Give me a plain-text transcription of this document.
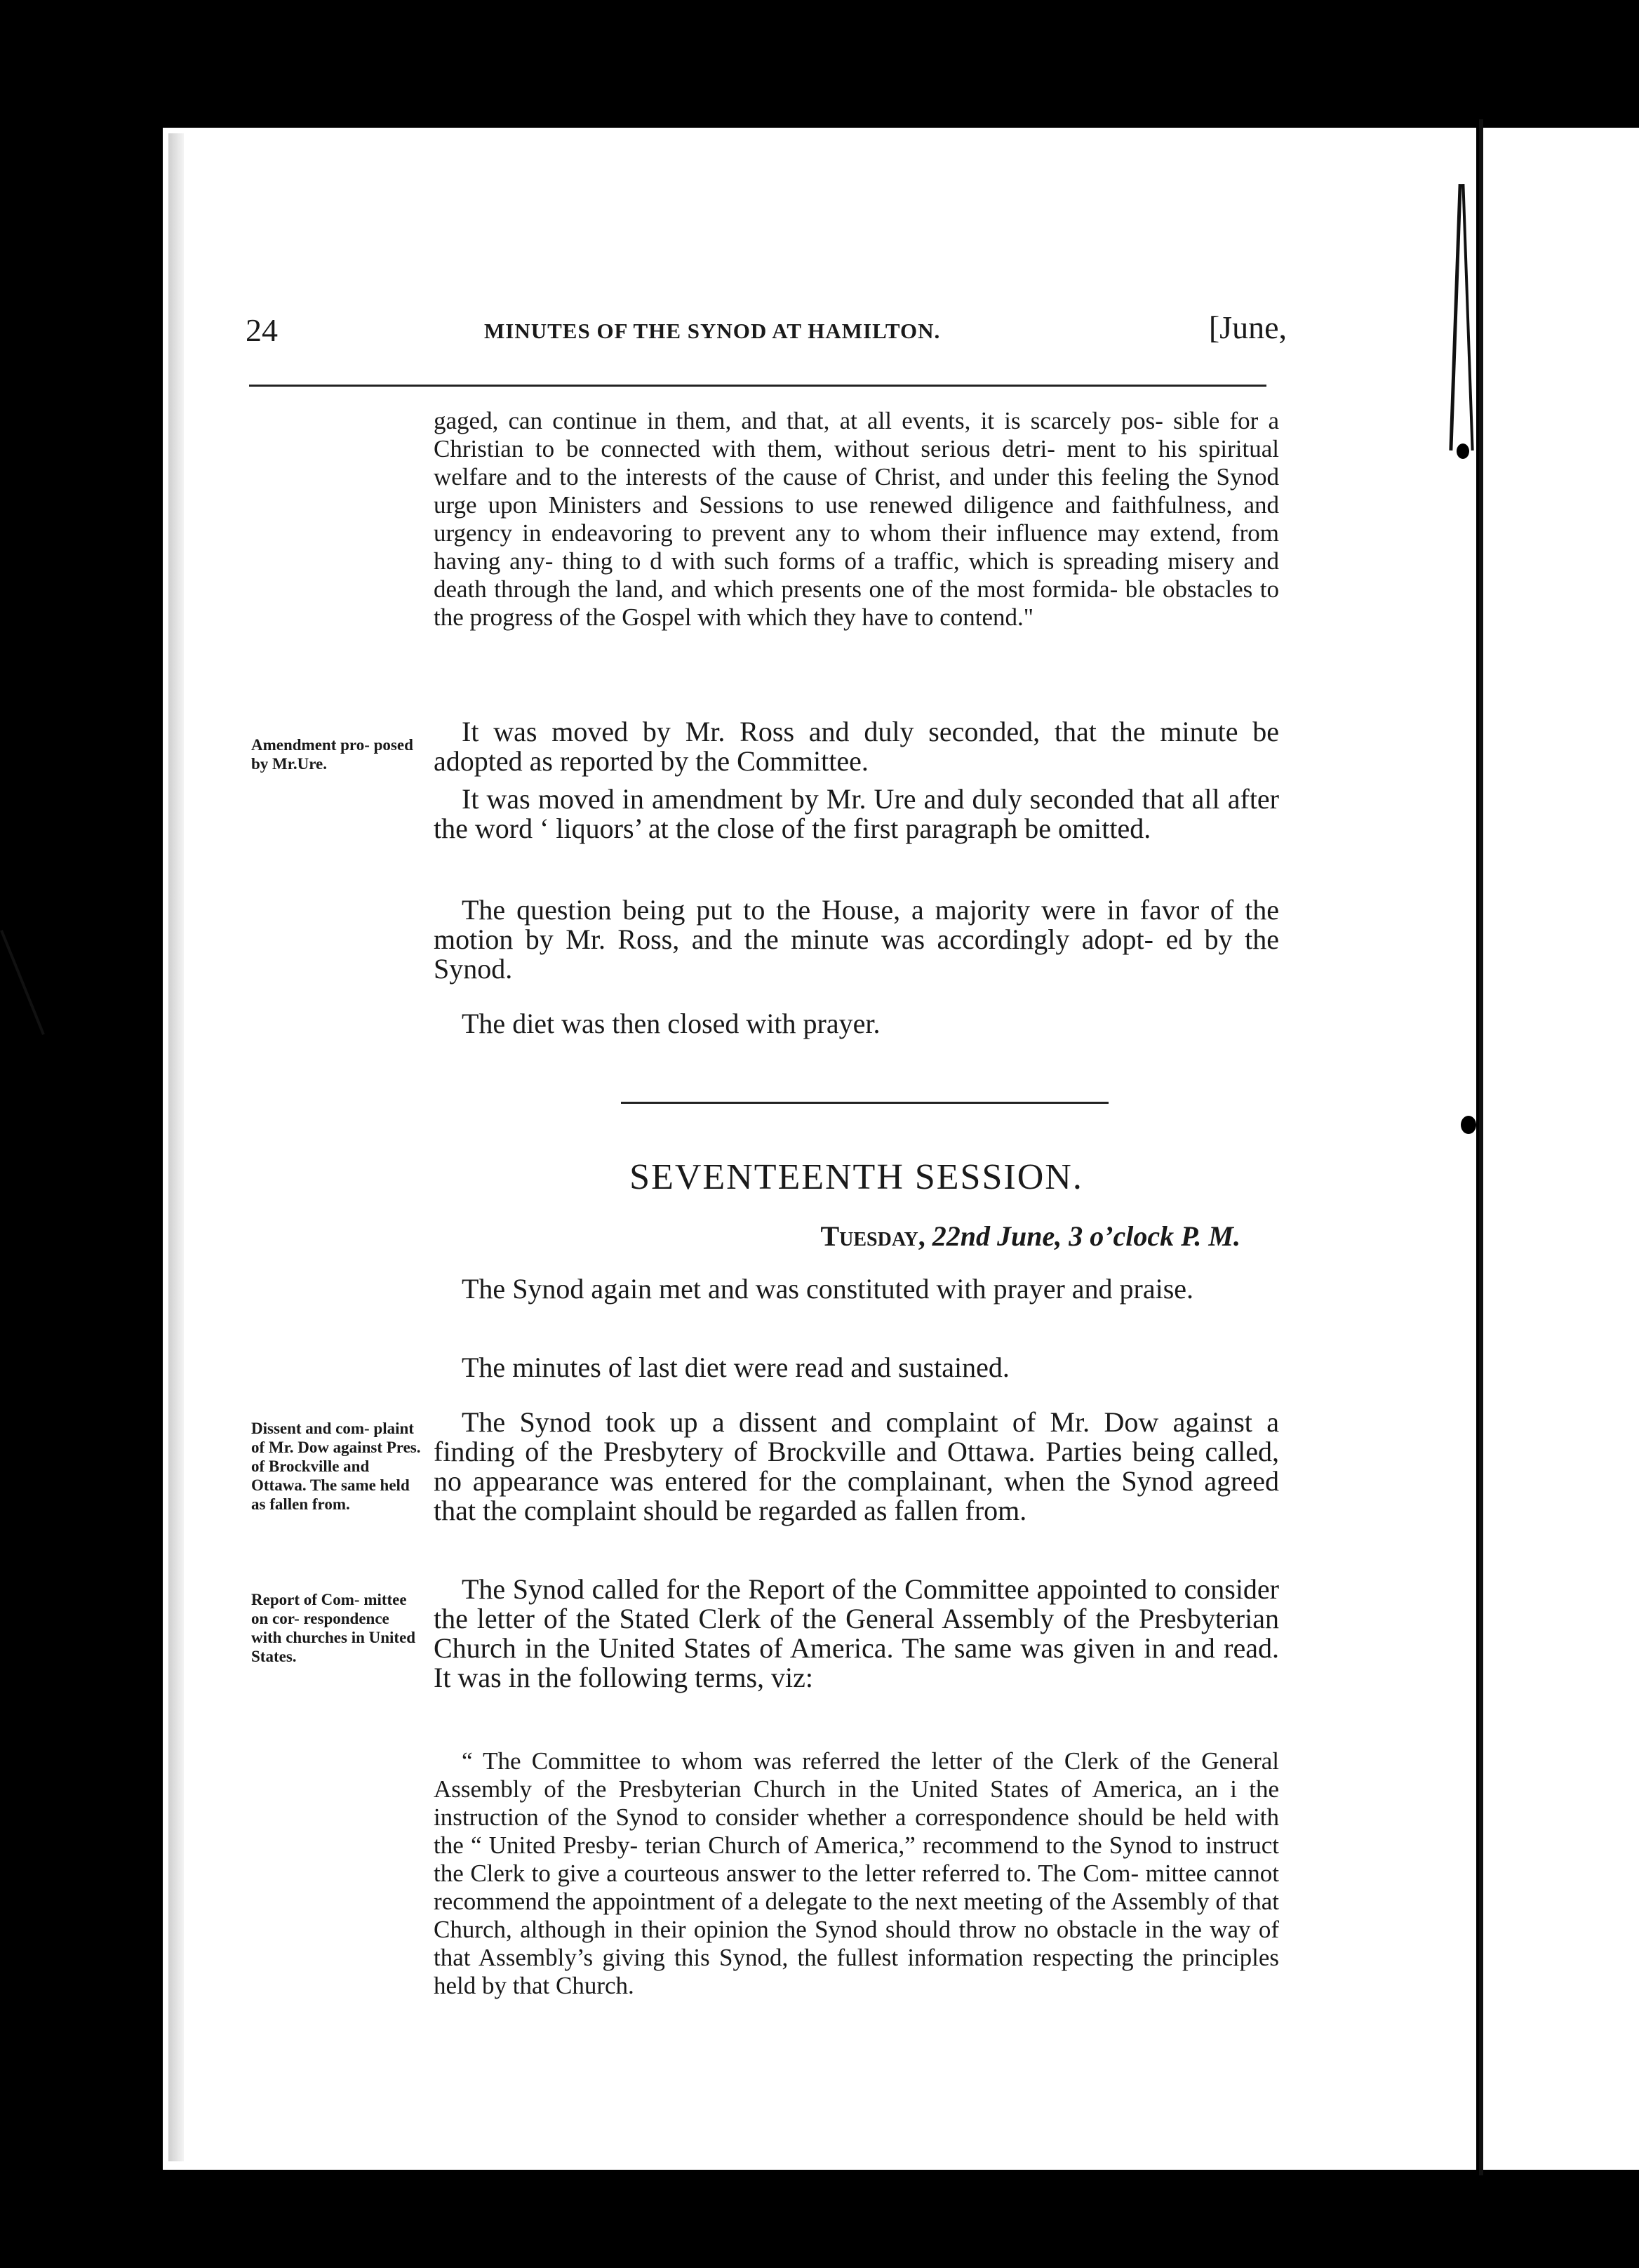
24	MINUTES OF THE SYNOD AT HAMILTON.	[June,

gaged, can continue in them, and that, at all events, it is scarcely pos- sible for a Christian to be connected with them, without serious detri- ment to his spiritual welfare and to the interests of the cause of Christ, and under this feeling the Synod urge upon Ministers and Sessions to use renewed diligence and faithfulness, and urgency in endeavoring to prevent any to whom their influence may extend, from having any- thing to d with such forms of a traffic, which is spreading misery and death through the land, and which presents one of the most formida- ble obstacles to the progress of the Gospel with which they have to contend."

Amendment pro- posed by Mr.Ure.

It was moved by Mr. Ross and duly seconded, that the minute be adopted as reported by the Committee.

It was moved in amendment by Mr. Ure and duly seconded that all after the word ‘ liquors’ at the close of the first paragraph be omitted.

The question being put to the House, a majority were in favor of the motion by Mr. Ross, and the minute was accordingly adopt- ed by the Synod.

The diet was then closed with prayer.

SEVENTEENTH SESSION.
Tuesday, 22nd June, 3 o’clock P. M.

The Synod again met and was constituted with prayer and praise.

The minutes of last diet were read and sustained.

Dissent and com- plaint of Mr. Dow against Pres. of Brockville and Ottawa. The same held as fallen from.

The Synod took up a dissent and complaint of Mr. Dow against a finding of the Presbytery of Brockville and Ottawa. Parties being called, no appearance was entered for the complainant, when the Synod agreed that the complaint should be regarded as fallen from.

Report of Com- mittee on cor- respondence with churches in United States.

The Synod called for the Report of the Committee appointed to consider the letter of the Stated Clerk of the General Assembly of the Presbyterian Church in the United States of America. The same was given in and read. It was in the following terms, viz:

“ The Committee to whom was referred the letter of the Clerk of the General Assembly of the Presbyterian Church in the United States of America, an i the instruction of the Synod to consider whether a correspondence should be held with the “ United Presby- terian Church of America,” recommend to the Synod to instruct the Clerk to give a courteous answer to the letter referred to. The Com- mittee cannot recommend the appointment of a delegate to the next meeting of the Assembly of that Church, although in their opinion the Synod should throw no obstacle in the way of that Assembly’s giving this Synod, the fullest information respecting the principles held by that Church.
